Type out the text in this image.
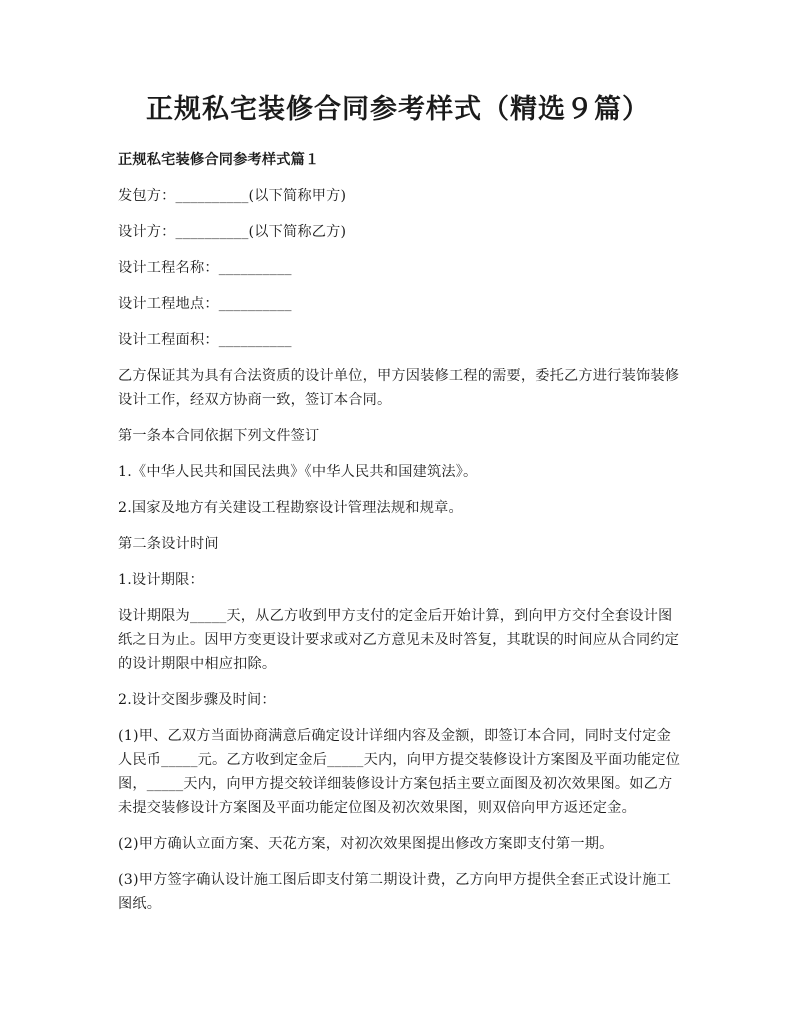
正规私宅装修合同参考样式（精选９篇）

正规私宅装修合同参考样式篇１

发包方：__________(以下简称甲方)

设计方：__________(以下简称乙方)

设计工程名称：__________

设计工程地点：__________

设计工程面积：__________

乙方保证其为具有合法资质的设计单位，甲方因装修工程的需要，委托乙方进行装饰装修设计工作，经双方协商一致，签订本合同。

第一条本合同依据下列文件签订

1.《中华人民共和国民法典》《中华人民共和国建筑法》。

2.国家及地方有关建设工程勘察设计管理法规和规章。

第二条设计时间

1.设计期限：

设计期限为_____天，从乙方收到甲方支付的定金后开始计算，到向甲方交付全套设计图纸之日为止。因甲方变更设计要求或对乙方意见未及时答复，其耽误的时间应从合同约定的设计期限中相应扣除。

2.设计交图步骤及时间：

(1)甲、乙双方当面协商满意后确定设计详细内容及金额，即签订本合同，同时支付定金人民币_____元。乙方收到定金后_____天内，向甲方提交装修设计方案图及平面功能定位图，_____天内，向甲方提交较详细装修设计方案包括主要立面图及初次效果图。如乙方未提交装修设计方案图及平面功能定位图及初次效果图，则双倍向甲方返还定金。

(2)甲方确认立面方案、天花方案，对初次效果图提出修改方案即支付第一期。

(3)甲方签字确认设计施工图后即支付第二期设计费，乙方向甲方提供全套正式设计施工图纸。
